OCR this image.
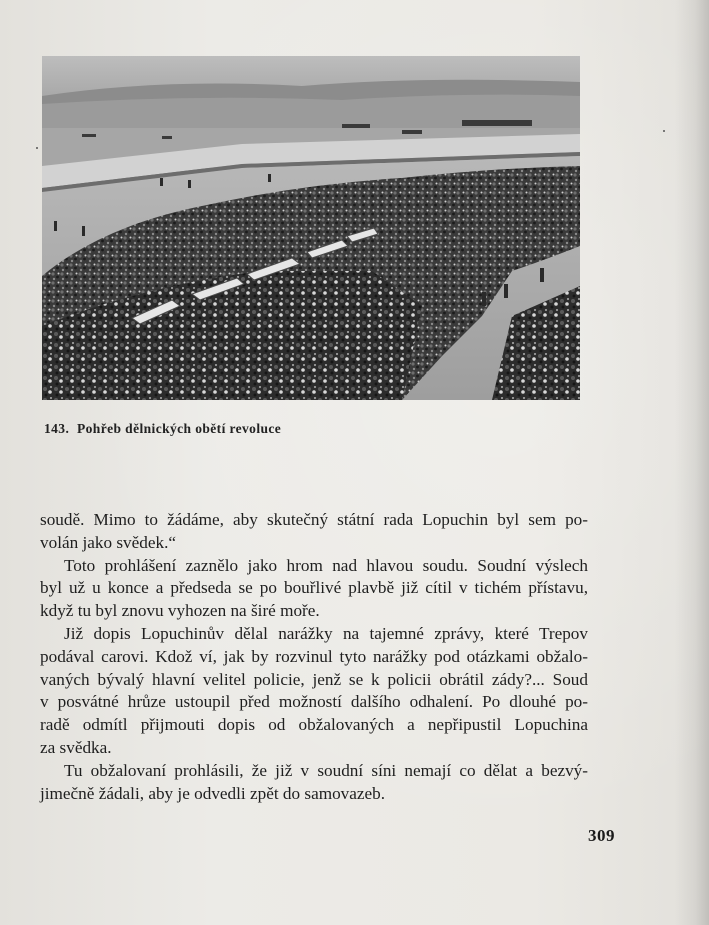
143. Pohřeb dělnických obětí revoluce
soudě. Mimo to žádáme, aby skutečný státní rada Lopuchin byl sem po-
volán jako svědek.“
Toto prohlášení zaznělo jako hrom nad hlavou soudu. Soudní výslech
byl už u konce a předseda se po bouřlivé plavbě již cítil v tichém přístavu,
když tu byl znovu vyhozen na širé moře.
Již dopis Lopuchinův dělal narážky na tajemné zprávy, které Trepov
podával carovi. Kdož ví, jak by rozvinul tyto narážky pod otázkami obžalo-
vaných bývalý hlavní velitel policie, jenž se k policii obrátil zády?... Soud
v posvátné hrůze ustoupil před možností dalšího odhalení. Po dlouhé po-
radě odmítl přijmouti dopis od obžalovaných a nepřipustil Lopuchina
za svědka.
Tu obžalovaní prohlásili, že již v soudní síni nemají co dělat a bezvý-
jimečně žádali, aby je odvedli zpět do samovazeb.
309
